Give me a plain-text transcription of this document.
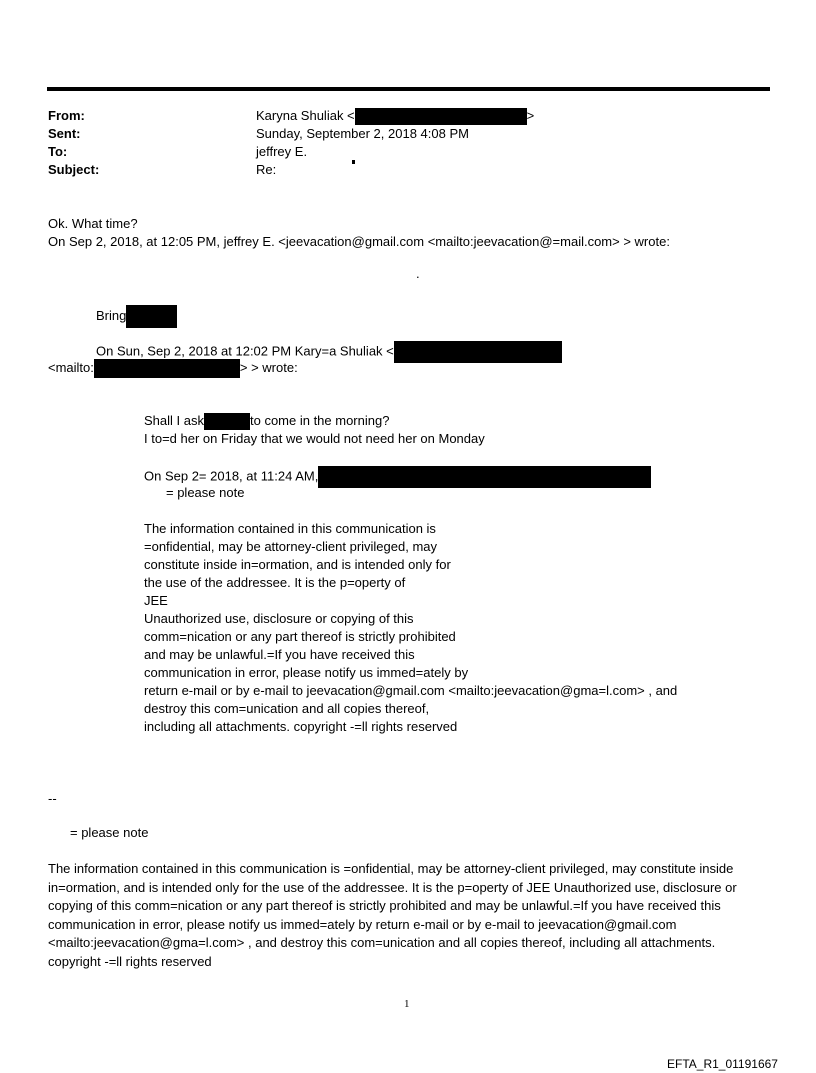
From:	Karyna Shuliak <	>
Sent:	Sunday, September 2, 2018 4:08 PM
To:	jeffrey E.
Subject:	Re:
Ok. What time?
On Sep 2, 2018, at 12:05 PM, jeffrey E. <jeevacation@gmail.com <mailto:jeevacation@=mail.com> > wrote:
.
Bring
On Sun, Sep 2, 2018 at 12:02 PM Kary=a Shuliak <
<mailto:	> > wrote:
Shall I ask	to come in the morning?
I to=d her on Friday that we would not need her on Monday
On Sep 2= 2018, at 11:24 AM,
= please note
The information contained in this communication is
=onfidential, may be attorney-client privileged, may
constitute inside in=ormation, and is intended only for
the use of the addressee. It is the p=operty of
JEE
Unauthorized use, disclosure or copying of this
comm=nication or any part thereof is strictly prohibited
and may be unlawful.=If you have received this
communication in error, please notify us immed=ately by
return e-mail or by e-mail to jeevacation@gmail.com <mailto:jeevacation@gma=l.com> , and
destroy this com=unication and all copies thereof,
including all attachments. copyright -=ll rights reserved
--
= please note
The information contained in this communication is =onfidential, may be attorney-client privileged, may constitute inside in=ormation, and is intended only for the use of the addressee. It is the p=operty of JEE Unauthorized use, disclosure or copying of this comm=nication or any part thereof is strictly prohibited and may be unlawful.=If you have received this communication in error, please notify us immed=ately by return e-mail or by e-mail to jeevacation@gmail.com <mailto:jeevacation@gma=l.com> , and destroy this com=unication and all copies thereof, including all attachments. copyright -=ll rights reserved
1
EFTA_R1_01191667
